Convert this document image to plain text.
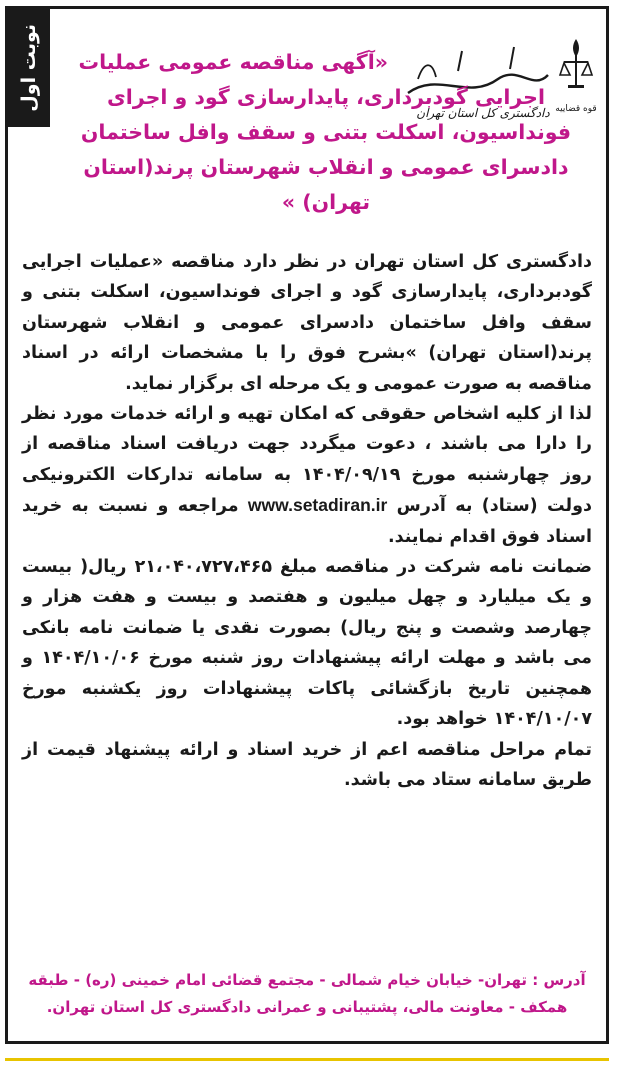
نوبت اول	قوه قضاییه
دادگستری کل استان تهران
«آگهی مناقصه عمومی عملیات
اجرایی گودبرداری، پایدارسازی گود و اجرای فونداسیون، اسکلت بتنی و سقف وافل ساختمان دادسرای عمومی و انقلاب شهرستان پرند(استان تهران) »

دادگستری کل استان تهران در نظر دارد مناقصه «عملیات اجرایی گودبرداری، پایدارسازی گود و اجرای فونداسیون، اسکلت بتنی و سقف وافل ساختمان دادسرای عمومی و انقلاب شهرستان پرند(استان تهران) »بشرح فوق را با مشخصات ارائه در اسناد مناقصه به صورت عمومی و یک مرحله ای برگزار نماید.

لذا از کلیه اشخاص حقوقی که امکان تهیه و ارائه خدمات مورد نظر را دارا می باشند ، دعوت میگردد جهت دریافت اسناد مناقصه از روز چهارشنبه مورخ ۱۴۰۴/۰۹/۱۹ به سامانه تدارکات الکترونیکی دولت (ستاد) به آدرس www.setadiran.ir مراجعه و نسبت به خرید اسناد فوق اقدام نمایند.

ضمانت نامه شرکت در مناقصه مبلغ ۲۱،۰۴۰،۷۲۷،۴۶۵ ریال( بیست و یک میلیارد و چهل میلیون و هفتصد و بیست و هفت هزار و چهارصد وشصت و پنج ریال) بصورت نقدی یا ضمانت نامه بانکی می باشد و مهلت ارائه پیشنهادات روز شنبه مورخ ۱۴۰۴/۱۰/۰۶ و همچنین تاریخ بازگشائی پاکات پیشنهادات روز یکشنبه مورخ ۱۴۰۴/۱۰/۰۷ خواهد بود.

تمام مراحل مناقصه اعم از خرید اسناد و ارائه پیشنهاد قیمت از طریق سامانه ستاد می باشد.

آدرس : تهران- خیابان خیام شمالی - مجتمع قضائی امام خمینی (ره) - طبقه همکف - معاونت مالی، پشتیبانی و عمرانی دادگستری کل استان تهران.
